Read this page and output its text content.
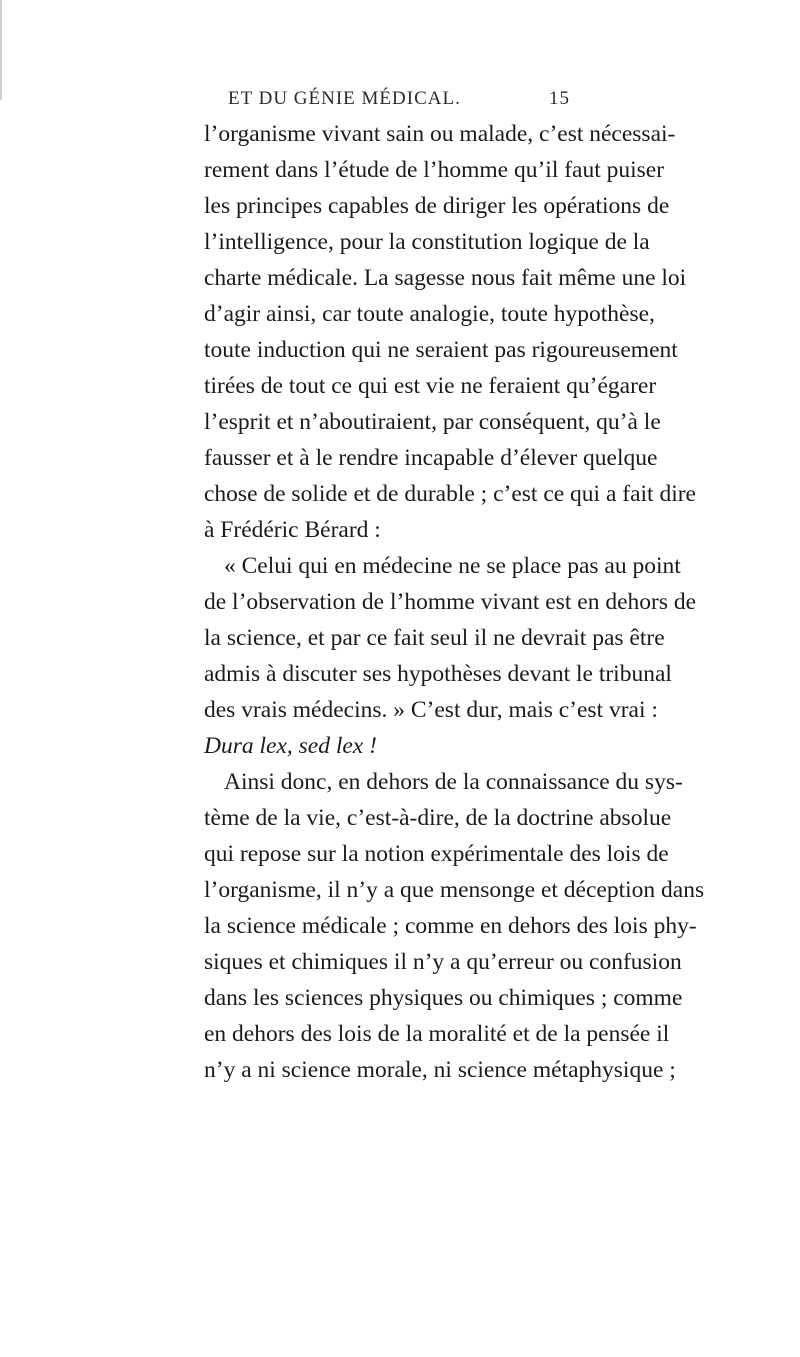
ET DU GÉNIE MÉDICAL.	15
l’organisme vivant sain ou malade, c’est nécessai-
rement dans l’étude de l’homme qu’il faut puiser
les principes capables de diriger les opérations de
l’intelligence, pour la constitution logique de la
charte médicale. La sagesse nous fait même une loi
d’agir ainsi, car toute analogie, toute hypothèse,
toute induction qui ne seraient pas rigoureusement
tirées de tout ce qui est vie ne feraient qu’égarer
l’esprit et n’aboutiraient, par conséquent, qu’à le
fausser et à le rendre incapable d’élever quelque
chose de solide et de durable ; c’est ce qui a fait dire
à Frédéric Bérard :
« Celui qui en médecine ne se place pas au point
de l’observation de l’homme vivant est en dehors de
la science, et par ce fait seul il ne devrait pas être
admis à discuter ses hypothèses devant le tribunal
des vrais médecins. » C’est dur, mais c’est vrai :
Dura lex, sed lex !
Ainsi donc, en dehors de la connaissance du sys-
tème de la vie, c’est-à-dire, de la doctrine absolue
qui repose sur la notion expérimentale des lois de
l’organisme, il n’y a que mensonge et déception dans
la science médicale ; comme en dehors des lois phy-
siques et chimiques il n’y a qu’erreur ou confusion
dans les sciences physiques ou chimiques ; comme
en dehors des lois de la moralité et de la pensée il
n’y a ni science morale, ni science métaphysique ;
